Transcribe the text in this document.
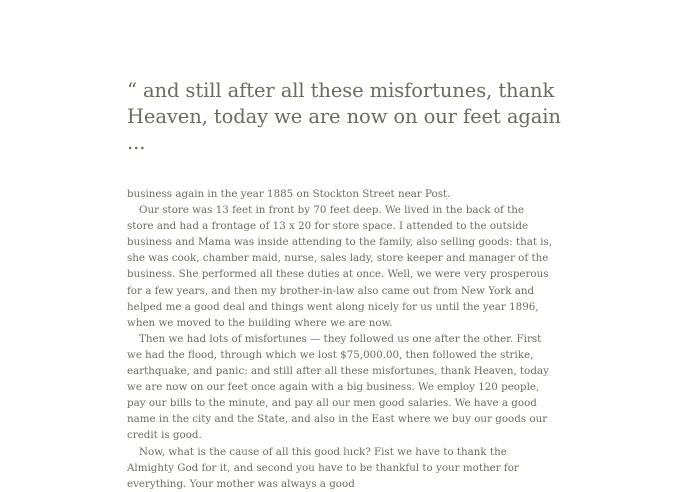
“ and still after all these misfortunes, thank Heaven, today we are now on our feet again ...

business again in the year 1885 on Stockton Street near Post.

Our store was 13 feet in front by 70 feet deep. We lived in the back of the store and had a frontage of 13 x 20 for store space. I attended to the outside business and Mama was inside attending to the family, also selling goods: that is, she was cook, chamber maid, nurse, sales lady, store keeper and manager of the business. She performed all these duties at once. Well, we were very prosperous for a few years, and then my brother-in-law also came out from New York and helped me a good deal and things went along nicely for us until the year 1896, when we moved to the building where we are now.

Then we had lots of misfortunes — they followed us one after the other. First we had the flood, through which we lost $75,000.00, then followed the strike, earthquake, and panic: and still after all these misfortunes, thank Heaven, today we are now on our feet once again with a big business. We employ 120 people, pay our bills to the minute, and pay all our men good salaries. We have a good name in the city and the State, and also in the East where we buy our goods our credit is good.

Now, what is the cause of all this good luck? Fist we have to thank the Almighty God for it, and second you have to be thankful to your mother for everything. Your mother was always a good
